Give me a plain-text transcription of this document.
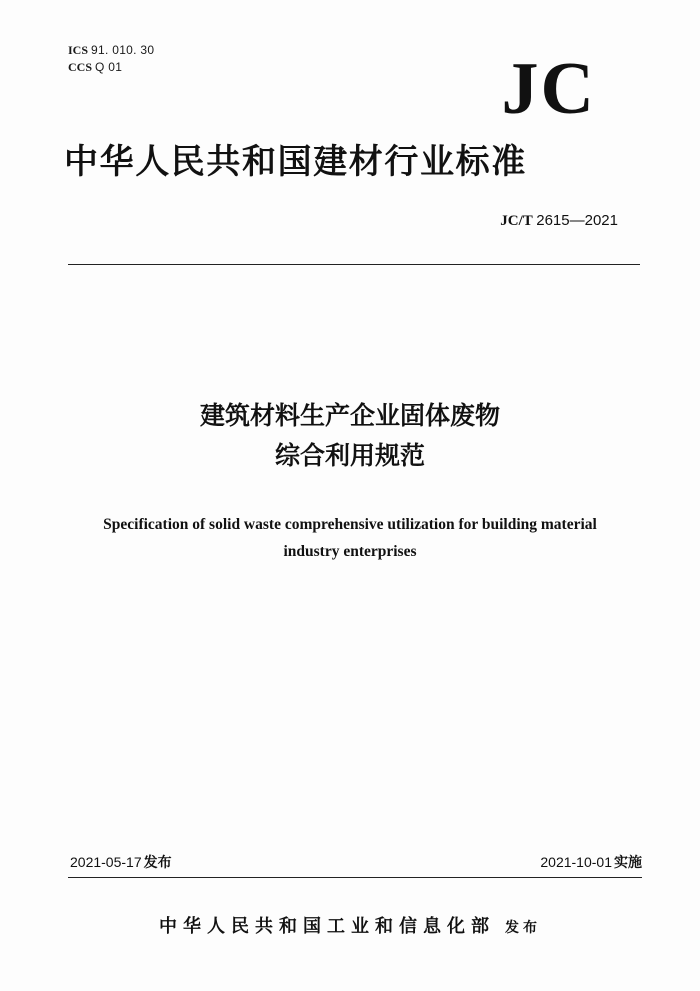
ICS 91. 010. 30
CCS Q 01	JC
中华人民共和国建材行业标准
JC/T 2615—2021
建筑材料生产企业固体废物
综合利用规范
Specification of solid waste comprehensive utilization for building material
industry enterprises
2021-05-17 发布	2021-10-01 实施
中华人民共和国工业和信息化部 发布
